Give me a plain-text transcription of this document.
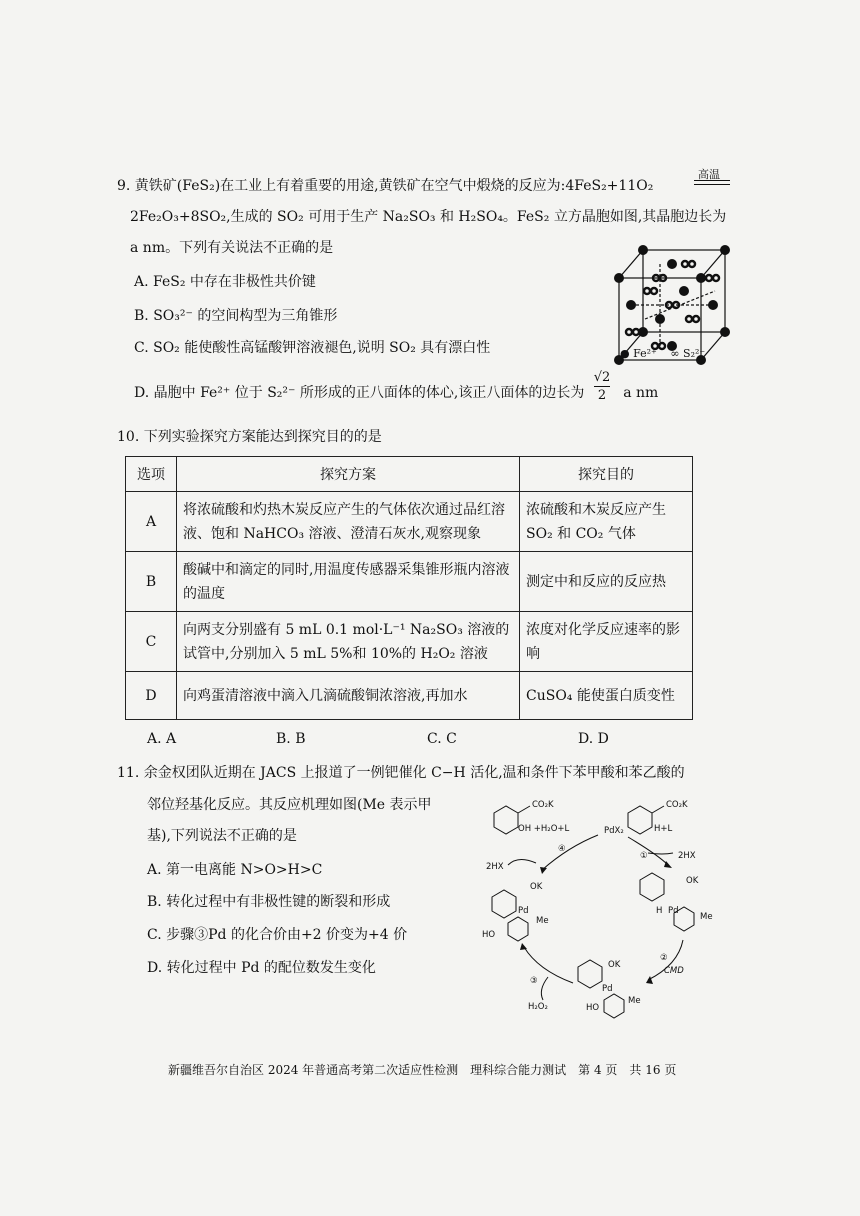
9. 黄铁矿(FeS₂)在工业上有着重要的用途,黄铁矿在空气中煅烧的反应为:4FeS₂+11O₂
高温
2Fe₂O₃+8SO₂,生成的 SO₂ 可用于生产 Na₂SO₃ 和 H₂SO₄。FeS₂ 立方晶胞如图,其晶胞边长为
a nm。下列有关说法不正确的是
A. FeS₂ 中存在非极性共价键
B. SO₃²⁻ 的空间构型为三角锥形
C. SO₂ 能使酸性高锰酸钾溶液褪色,说明 SO₂ 具有漂白性
D. 晶胞中 Fe²⁺ 位于 S₂²⁻ 所形成的正八面体的体心,该正八面体的边长为	a nm
√2
2
● Fe²⁺ ∞ S₂²⁻
10. 下列实验探究方案能达到探究目的的是
选项	探究方案	探究目的
A	将浓硫酸和灼热木炭反应产生的气体依次通过品红溶液、饱和 NaHCO₃ 溶液、澄清石灰水,观察现象	浓硫酸和木炭反应产生 SO₂ 和 CO₂ 气体
B	酸碱中和滴定的同时,用温度传感器采集锥形瓶内溶液的温度	测定中和反应的反应热
C	向两支分别盛有 5 mL 0.1 mol·L⁻¹ Na₂SO₃ 溶液的试管中,分别加入 5 mL 5%和 10%的 H₂O₂ 溶液	浓度对化学反应速率的影响
D	向鸡蛋清溶液中滴入几滴硫酸铜浓溶液,再加水	CuSO₄ 能使蛋白质变性
A. A	B. B	C. C	D. D
11. 余金权团队近期在 JACS 上报道了一例钯催化 C−H 活化,温和条件下苯甲酸和苯乙酸的
邻位羟基化反应。其反应机理如图(Me 表示甲
基),下列说法不正确的是
A. 第一电离能 N>O>H>C
B. 转化过程中有非极性键的断裂和形成
C. 步骤③Pd 的化合价由+2 价变为+4 价
D. 转化过程中 Pd 的配位数发生变化
CO₂K
OH +H₂O+L
CO₂K
H+L
PdX₂
④
①
2HX
2HX
OK
H Pd
Me
②
CMD
OK
Pd
Me
HO
③
H₂O₂
OK
Pd
Me
HO
新疆维吾尔自治区 2024 年普通高考第二次适应性检测　理科综合能力测试　第 4 页　共 16 页
